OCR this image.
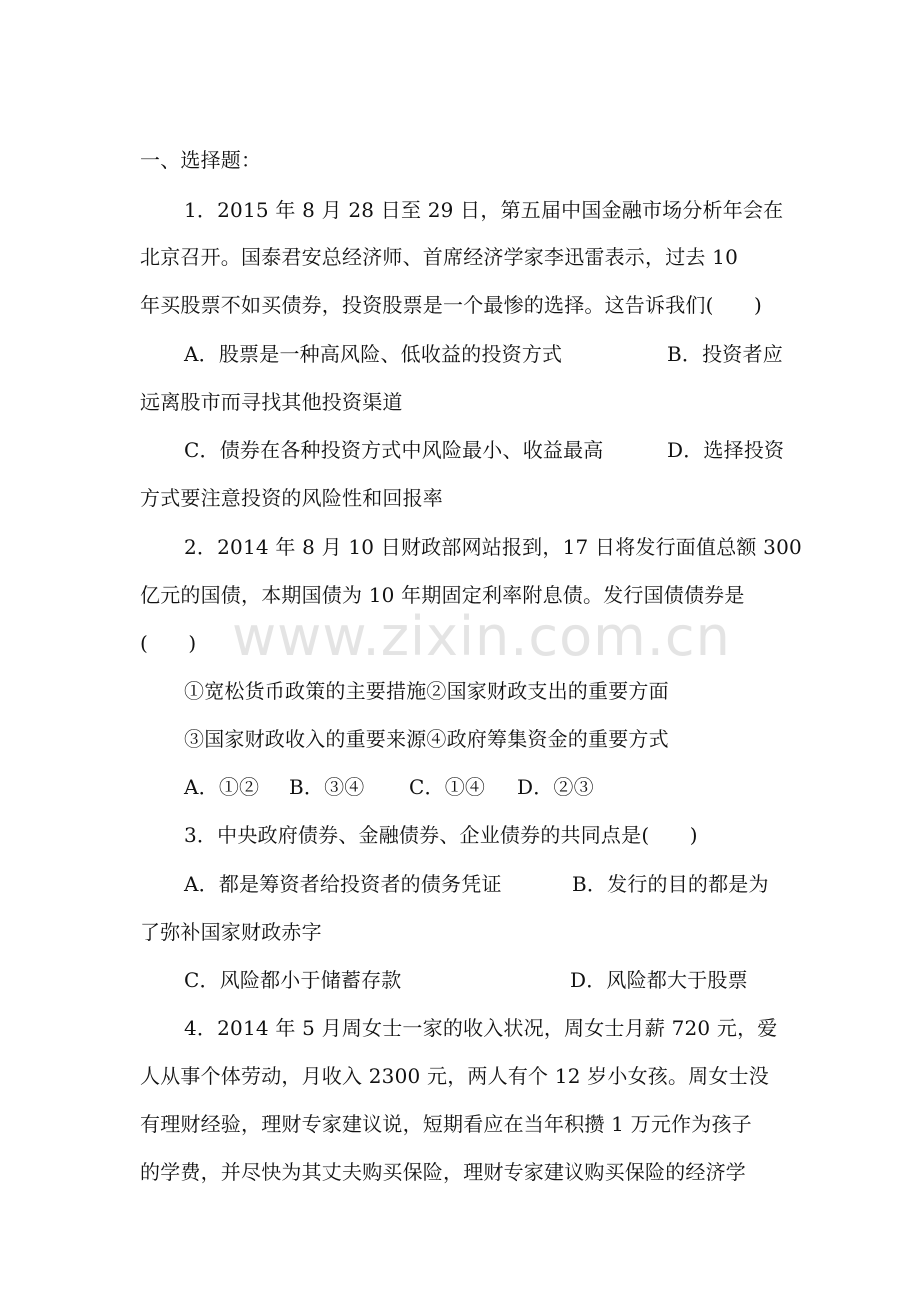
www.zixin.com.cn
一、选择题：
1．2015 年 8 月 28 日至 29 日，第五届中国金融市场分析年会在
北京召开。国泰君安总经济师、首席经济学家李迅雷表示，过去 10
年买股票不如买债券，投资股票是一个最惨的选择。这告诉我们(　　)
A．股票是一种高风险、低收益的投资方式	B．投资者应
远离股市而寻找其他投资渠道
C．债券在各种投资方式中风险最小、收益最高	D．选择投资
方式要注意投资的风险性和回报率
2．2014 年 8 月 10 日财政部网站报到，17 日将发行面值总额 300
亿元的国债，本期国债为 10 年期固定利率附息债。发行国债债券是
(　　)
①宽松货币政策的主要措施②国家财政支出的重要方面
③国家财政收入的重要来源④政府筹集资金的重要方式
A．①② B．③④ C．①④ D．②③
3．中央政府债券、金融债券、企业债券的共同点是(　　)
A．都是筹资者给投资者的债务凭证	B．发行的目的都是为
了弥补国家财政赤字
C．风险都小于储蓄存款	D．风险都大于股票
4．2014 年 5 月周女士一家的收入状况，周女士月薪 720 元，爱
人从事个体劳动，月收入 2300 元，两人有个 12 岁小女孩。周女士没
有理财经验，理财专家建议说，短期看应在当年积攒 1 万元作为孩子
的学费，并尽快为其丈夫购买保险，理财专家建议购买保险的经济学
